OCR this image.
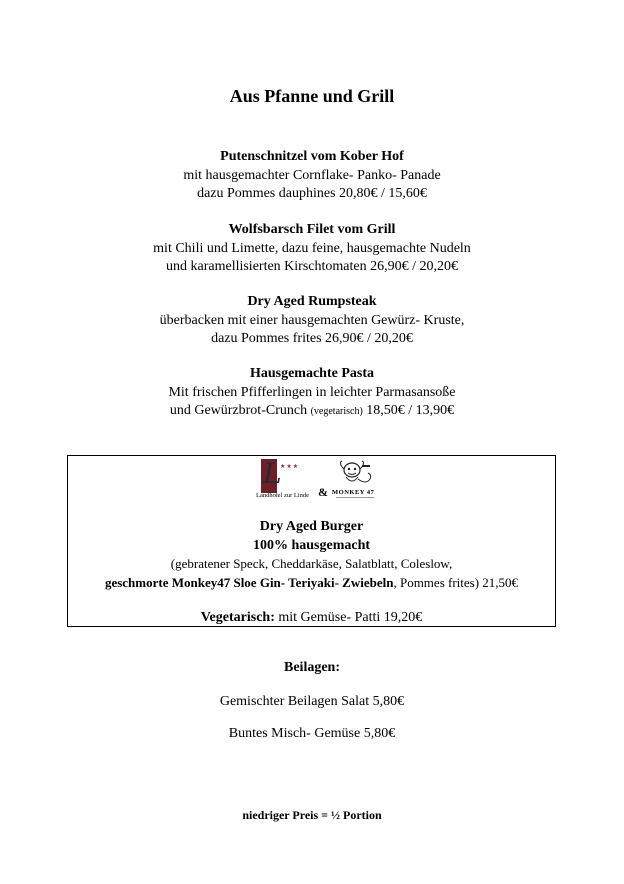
Aus Pfanne und Grill
Putenschnitzel vom Kober Hof
mit hausgemachter Cornflake- Panko- Panade
dazu Pommes dauphines 20,80€ / 15,60€
Wolfsbarsch Filet vom Grill
mit Chili und Limette, dazu feine, hausgemachte Nudeln
und karamellisierten Kirschtomaten 26,90€ / 20,20€
Dry Aged Rumpsteak
überbacken mit einer hausgemachten Gewürz- Kruste,
dazu Pommes frites 26,90€ / 20,20€
Hausgemachte Pasta
Mit frischen Pfifferlingen in leichter Parmasansoße
und Gewürzbrot-Crunch (vegetarisch) 18,50€ / 13,90€
L
★★★
Landhotel zur Linde & MONKEY 47
Dry Aged Burger
100% hausgemacht
(gebratener Speck, Cheddarkäse, Salatblatt, Coleslow,
geschmorte Monkey47 Sloe Gin- Teriyaki- Zwiebeln, Pommes frites) 21,50€
Vegetarisch: mit Gemüse- Patti 19,20€
Beilagen:
Gemischter Beilagen Salat 5,80€
Buntes Misch- Gemüse 5,80€
niedriger Preis = ½ Portion
